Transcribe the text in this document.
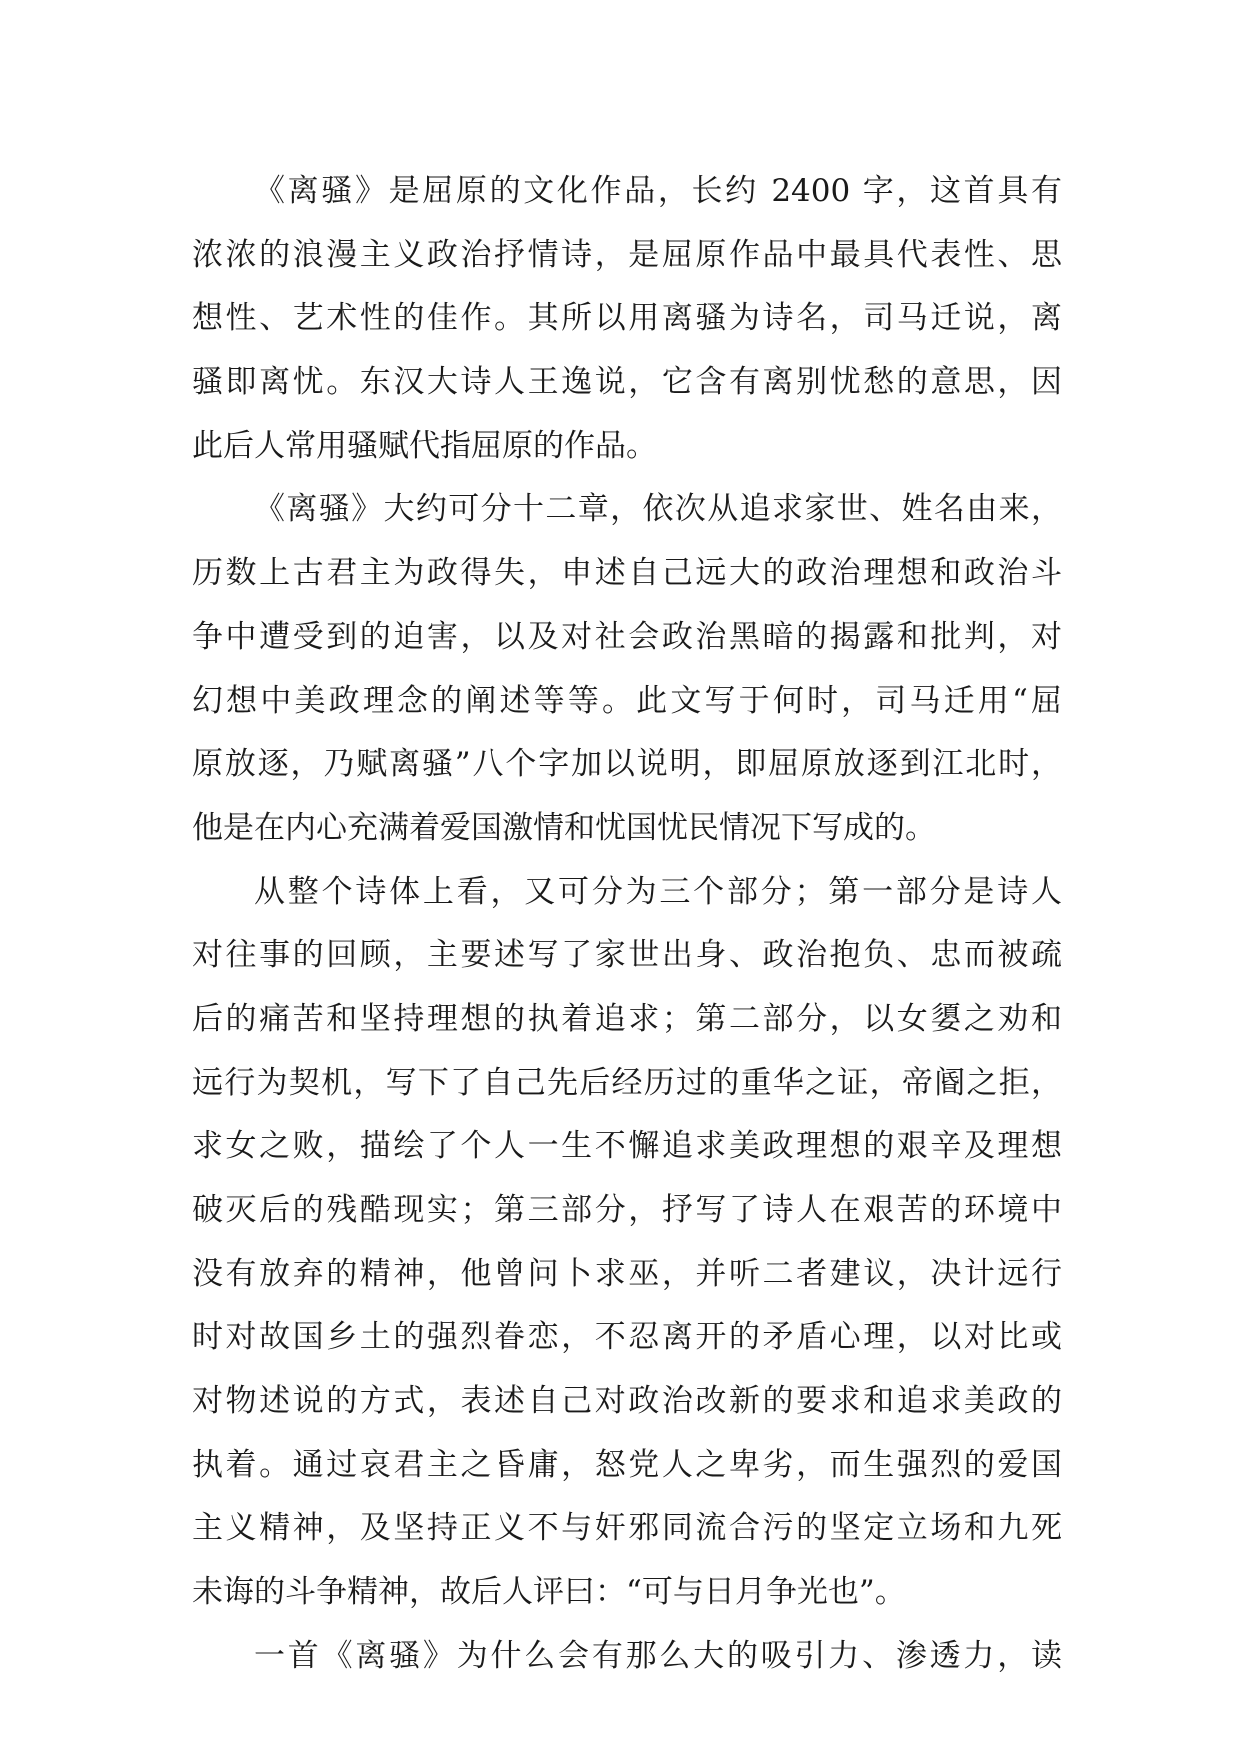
《离骚》是屈原的文化作品，长约 2400 字，这首具有
浓浓的浪漫主义政治抒情诗，是屈原作品中最具代表性、思
想性、艺术性的佳作。其所以用离骚为诗名，司马迁说，离
骚即离忧。东汉大诗人王逸说，它含有离别忧愁的意思，因
此后人常用骚赋代指屈原的作品。
《离骚》大约可分十二章，依次从追求家世、姓名由来，
历数上古君主为政得失，申述自己远大的政治理想和政治斗
争中遭受到的迫害，以及对社会政治黑暗的揭露和批判，对
幻想中美政理念的阐述等等。此文写于何时，司马迁用“屈
原放逐，乃赋离骚”八个字加以说明，即屈原放逐到江北时，
他是在内心充满着爱国激情和忧国忧民情况下写成的。
从整个诗体上看，又可分为三个部分；第一部分是诗人
对往事的回顾，主要述写了家世出身、政治抱负、忠而被疏
后的痛苦和坚持理想的执着追求；第二部分，以女嬃之劝和
远行为契机，写下了自己先后经历过的重华之证，帝阍之拒，
求女之败，描绘了个人一生不懈追求美政理想的艰辛及理想
破灭后的残酷现实；第三部分，抒写了诗人在艰苦的环境中
没有放弃的精神，他曾问卜求巫，并听二者建议，决计远行
时对故国乡土的强烈眷恋，不忍离开的矛盾心理，以对比或
对物述说的方式，表述自己对政治改新的要求和追求美政的
执着。通过哀君主之昏庸，怒党人之卑劣，而生强烈的爱国
主义精神，及坚持正义不与奸邪同流合污的坚定立场和九死
未诲的斗争精神，故后人评曰：“可与日月争光也”。
一首《离骚》为什么会有那么大的吸引力、渗透力，读
